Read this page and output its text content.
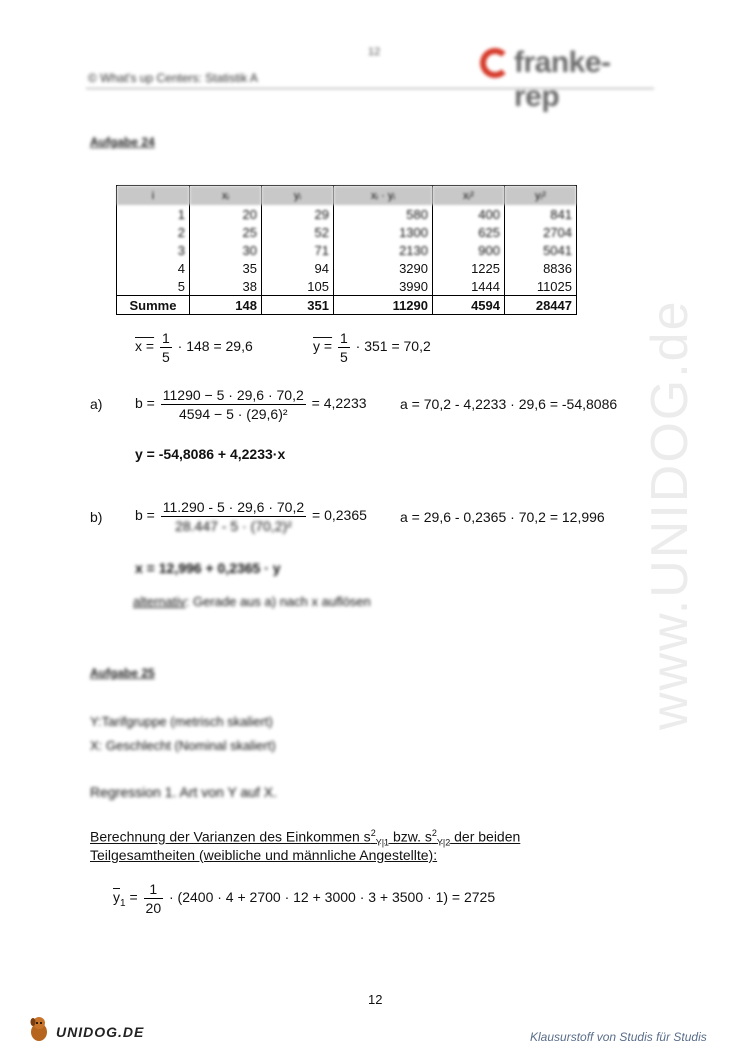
www.UNIDOG.de
12
© What's up Centers: Statistik A	franke-rep
Aufgabe 24
i	xᵢ	yᵢ	xᵢ · yᵢ	xᵢ²	yᵢ²
1	20	29	580	400	841
2	25	52	1300	625	2704
3	30	71	2130	900	5041
4	35	94	3290	1225	8836
5	38	105	3990	1444	11025
Summe	148	351	11290	4594	28447
$x = \frac{1}{5} \cdot 148 = 29,6$	$y = \frac{1}{5} \cdot 351 = 70,2$
a) $b = \frac{11290 - 5 \cdot 29,6 \cdot 70,2}{\text{4594 − 5 · (29,6)²}} = 4,2233$ a = 70,2 - 4,2233 · 29,6 = -54,8086
y = -54,8086 + 4,2233·x
b) $b = \frac{11.290 - 5 \cdot 29,6 \cdot 70,2}{\text{28.447 - 5 · (70,2)²}} = 0,2365$ a = 29,6 - 0,2365 · 70,2 = 12,996
x = 12,996 + 0,2365 · y
alternativ: Gerade aus a) nach x auflösen
Aufgabe 25
Y:Tarifgruppe (metrisch skaliert)
X: Geschlecht (Nominal skaliert)
Regression 1. Art von Y auf X.
Berechnung der Varianzen des Einkommen $s^2_{Y|1}$ bzw. $s^2_{Y|2}$ der beiden
Teilgesamtheiten (weibliche und männliche Angestellte):
$\overline{y}_1 = \frac{1}{20} \cdot (2400 \cdot 4 + 2700 \cdot 12 + 3000 \cdot 3 + 3500 \cdot 1) = 2725$
12
UNIDOG.DE	Klausurstoff von Studis für Studis
